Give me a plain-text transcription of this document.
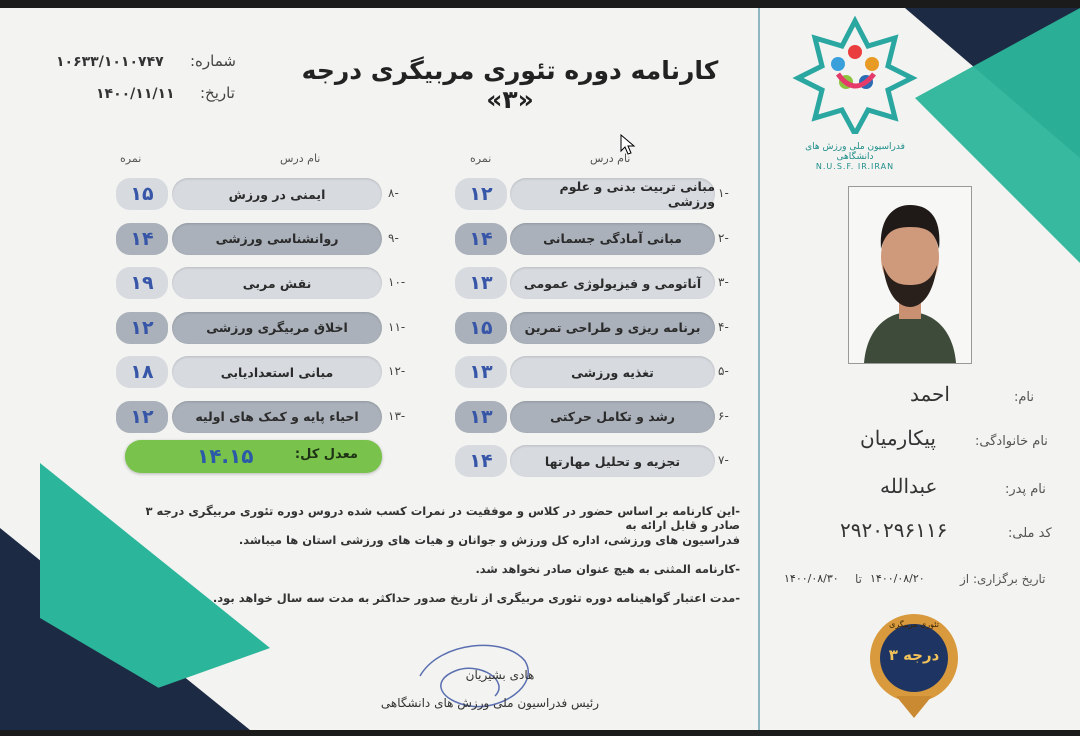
کارنامه دوره تئوری مربیگری درجه «۳»
شماره:
۱۰۶۳۳/۱۰۱۰۷۴۷
تاریخ:
۱۴۰۰/۱۱/۱۱
نام درس
نمره
نام درس
نمره
-۱
مبانی تربیت بدنی و علوم ورزشی
۱۲
-۲
مبانی آمادگی جسمانی
۱۴
-۳
آناتومی و فیزیولوژی عمومی
۱۳
-۴
برنامه ریزی و طراحی تمرین
۱۵
-۵
تغذیه ورزشی
۱۳
-۶
رشد و تکامل حرکتی
۱۳
-۷
تجزیه و تحلیل مهارتها
۱۴
-۸
ایمنی در ورزش
۱۵
-۹
روانشناسی ورزشی
۱۴
-۱۰
نقش مربی
۱۹
-۱۱
اخلاق مربیگری ورزشی
۱۲
-۱۲
مبانی استعدادیابی
۱۸
-۱۳
احیاء پایه و کمک های اولیه
۱۲
معدل کل:
۱۴.۱۵
-این کارنامه بر اساس حضور در کلاس و موفقیت در نمرات کسب شده دروس دوره تئوری مربیگری درجه ۳ صادر و قابل ارائه به
فدراسیون های ورزشی، اداره کل ورزش و جوانان و هیات های ورزشی استان ها میباشد.
-کارنامه المثنی به هیچ عنوان صادر نخواهد شد.
-مدت اعتبار گواهینامه دوره تئوری مربیگری از تاریخ صدور حداکثر به مدت سه سال خواهد بود.
هادی بشیریان
رئیس فدراسیون ملی ورزش های دانشگاهی
فدراسیون ملی ورزش های دانشگاهی
N.U.S.F. IR.IRAN
نام:
احمد
نام خانوادگی:
پیکارمیان
نام پدر:
عبدالله
کد ملی:
۲۹۲۰۲۹۶۱۱۶
تاریخ برگزاری: از
۱۴۰۰/۰۸/۲۰
تا
۱۴۰۰/۰۸/۳۰
تئوری مربیگری
درجه ۳
